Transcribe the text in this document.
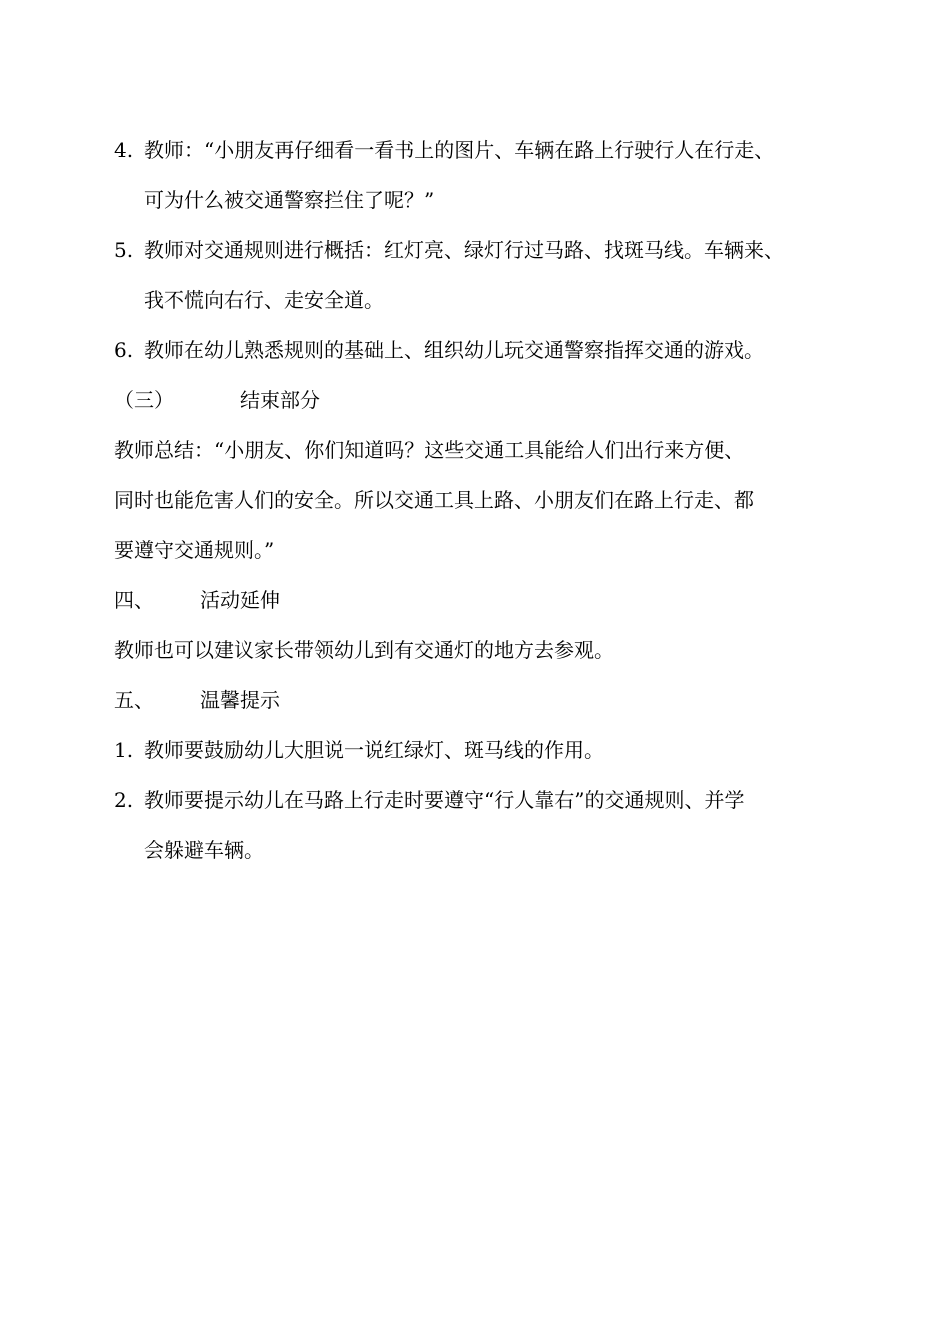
4. 教师：“小朋友再仔细看一看书上的图片、车辆在路上行驶行人在行走、
可为什么被交通警察拦住了呢？”
5. 教师对交通规则进行概括：红灯亮、绿灯行过马路、找斑马线。车辆来、
我不慌向右行、走安全道。
6. 教师在幼儿熟悉规则的基础上、组织幼儿玩交通警察指挥交通的游戏。
（三）	结束部分
教师总结：“小朋友、你们知道吗？这些交通工具能给人们出行来方便、
同时也能危害人们的安全。所以交通工具上路、小朋友们在路上行走、都
要遵守交通规则。”
四、 活动延伸
教师也可以建议家长带领幼儿到有交通灯的地方去参观。
五、 温馨提示
1. 教师要鼓励幼儿大胆说一说红绿灯、斑马线的作用。
2. 教师要提示幼儿在马路上行走时要遵守“行人靠右”的交通规则、并学
会躲避车辆。
